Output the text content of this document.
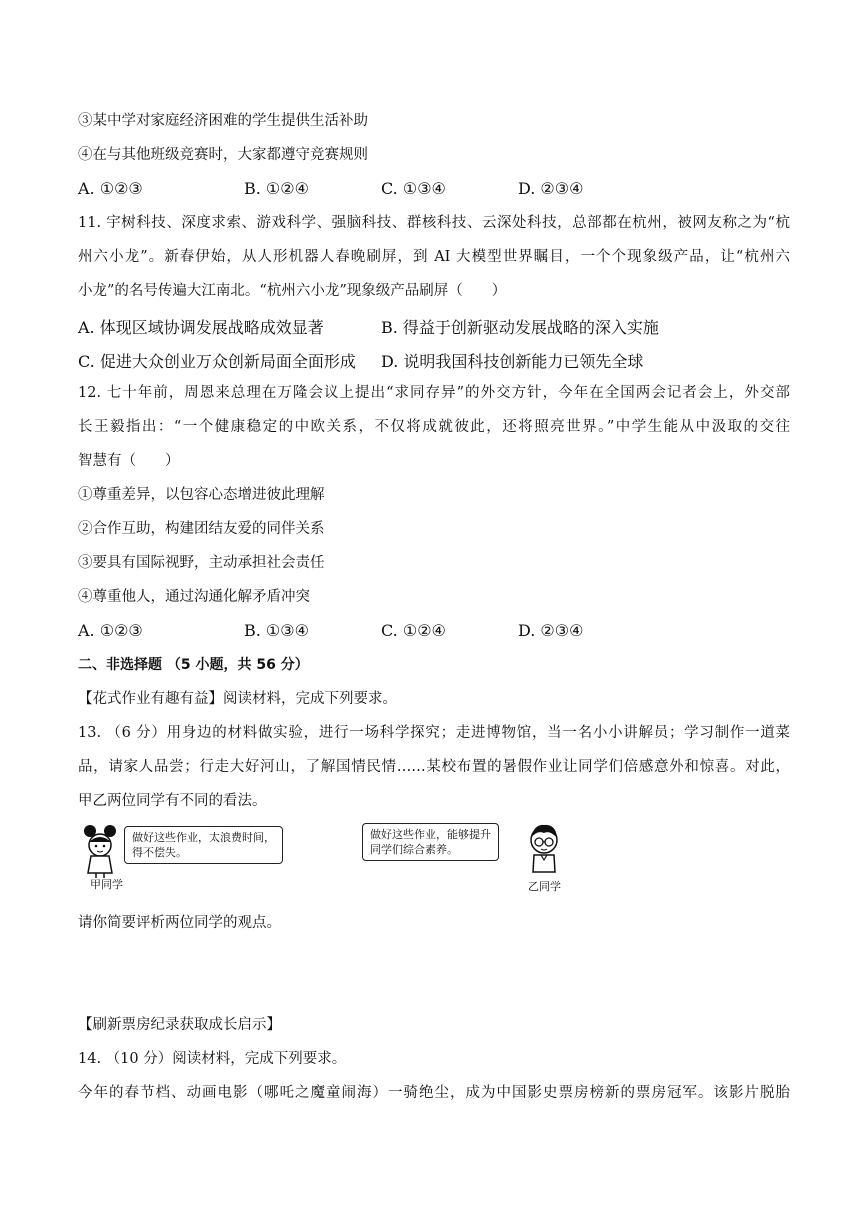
③某中学对家庭经济困难的学生提供生活补助
④在与其他班级竞赛时，大家都遵守竞赛规则
A. ①②③	B. ①②④	C. ①③④	D. ②③④
11. 宇树科技、深度求索、游戏科学、强脑科技、群核科技、云深处科技，总部都在杭州，被网友称之为“杭
州六小龙”。新春伊始，从人形机器人春晚刷屏，到 AI 大模型世界瞩目，一个个现象级产品，让“杭州六
小龙”的名号传遍大江南北。“杭州六小龙”现象级产品刷屏（　　）
A. 体现区域协调发展战略成效显著	B. 得益于创新驱动发展战略的深入实施
C. 促进大众创业万众创新局面全面形成 D. 说明我国科技创新能力已领先全球
12. 七十年前，周恩来总理在万隆会议上提出“求同存异”的外交方针，今年在全国两会记者会上，外交部
长王毅指出：“一个健康稳定的中欧关系，不仅将成就彼此，还将照亮世界。”中学生能从中汲取的交往
智慧有（　　）
①尊重差异，以包容心态增进彼此理解
②合作互助，构建团结友爱的同伴关系
③要具有国际视野，主动承担社会责任
④尊重他人，通过沟通化解矛盾冲突
A. ①②③	B. ①③④	C. ①②④	D. ②③④
二、非选择题 （5 小题，共 56 分）
【花式作业有趣有益】阅读材料，完成下列要求。
13. （6 分）用身边的材料做实验，进行一场科学探究；走进博物馆，当一名小小讲解员；学习制作一道菜
品，请家人品尝；行走大好河山，了解国情民情……某校布置的暑假作业让同学们倍感意外和惊喜。对此，
甲乙两位同学有不同的看法。
做好这些作业，太浪费时间，
得不偿失。
甲同学
做好这些作业，能够提升
同学们综合素养。
乙同学
请你简要评析两位同学的观点。
【刷新票房纪录获取成长启示】
14. （10 分）阅读材料，完成下列要求。
今年的春节档、动画电影（哪吒之魔童闹海）一骑绝尘，成为中国影史票房榜新的票房冠军。该影片脱胎
